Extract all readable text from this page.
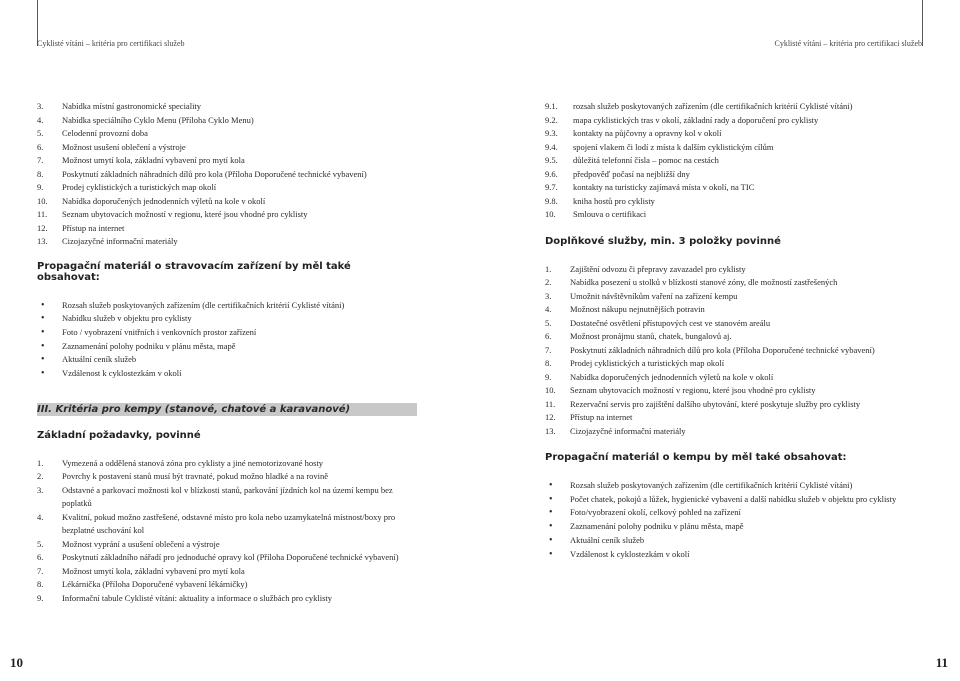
Cyklisté vítáni – kritéria pro certifikaci služeb	Cyklisté vítáni – kritéria pro certifikaci služeb
3.	Nabídka místní gastronomické speciality
4.	Nabídka speciálního Cyklo Menu (Příloha Cyklo Menu)
5.	Celodenní provozní doba
6.	Možnost usušení oblečení a výstroje
7.	Možnost umytí kola, základní vybavení pro mytí kola
8.	Poskytnutí základních náhradních dílů pro kola (Příloha Doporučené technické vybavení)
9.	Prodej cyklistických a turistických map okolí
10.	Nabídka doporučených jednodenních výletů na kole v okolí
11.	Seznam ubytovacích možností v regionu, které jsou vhodné pro cyklisty
12.	Přístup na internet
13.	Cizojazyčné informační materiály
Propagační materiál o stravovacím zařízení by měl také obsahovat:
• Rozsah služeb poskytovaných zařízením (dle certifikačních kritérií Cyklisté vítáni)
• Nabídku služeb v objektu pro cyklisty
• Foto / vyobrazení vnitřních i venkovních prostor zařízení
• Zaznamenání polohy podniku v plánu města, mapě
• Aktuální ceník služeb
• Vzdálenost k cyklostezkám v okolí
III. Kritéria pro kempy (stanové, chatové a karavanové)
Základní požadavky, povinné
1.	Vymezená a oddělená stanová zóna pro cyklisty a jiné nemotorizované hosty
2.	Povrchy k postavení stanů musí být travnaté, pokud možno hladké a na rovině
3.	Odstavné a parkovací možnosti kol v blízkosti stanů, parkování jízdních kol na území kempu bez poplatků
4.	Kvalitní, pokud možno zastřešené, odstavné místo pro kola nebo uzamykatelná místnost/boxy pro bezplatné uschování kol
5.	Možnost vyprání a usušení oblečení a výstroje
6.	Poskytnutí základního nářadí pro jednoduché opravy kol (Příloha Doporučené technické vybavení)
7.	Možnost umytí kola, základní vybavení pro mytí kola
8.	Lékárnička (Příloha Doporučené vybavení lékárničky)
9.	Informační tabule Cyklisté vítáni: aktuality a informace o službách pro cyklisty
9.1.	rozsah služeb poskytovaných zařízením (dle certifikačních kritérií Cyklisté vítáni)
9.2.	mapa cyklistických tras v okolí, základní rady a doporučení pro cyklisty
9.3.	kontakty na půjčovny a opravny kol v okolí
9.4.	spojení vlakem či lodí z místa k dalším cyklistickým cílům
9.5.	důležitá telefonní čísla – pomoc na cestách
9.6.	předpověď počasí na nejbližší dny
9.7.	kontakty na turisticky zajímavá místa v okolí, na TIC
9.8.	kniha hostů pro cyklisty
10.	Smlouva o certifikaci
Doplňkové služby, min. 3 položky povinné
1.	Zajištění odvozu či přepravy zavazadel pro cyklisty
2.	Nabídka posezení u stolků v blízkosti stanové zóny, dle možností zastřešených
3.	Umožnit návštěvníkům vaření na zařízení kempu
4.	Možnost nákupu nejnutnějších potravin
5.	Dostatečné osvětlení přístupových cest ve stanovém areálu
6.	Možnost pronájmu stanů, chatek, bungalovů aj.
7.	Poskytnutí základních náhradních dílů pro kola (Příloha Doporučené technické vybavení)
8.	Prodej cyklistických a turistických map okolí
9.	Nabídka doporučených jednodenních výletů na kole v okolí
10.	Seznam ubytovacích možností v regionu, které jsou vhodné pro cyklisty
11.	Rezervační servis pro zajištění dalšího ubytování, které poskytuje služby pro cyklisty
12.	Přístup na internet
13.	Cizojazyčné informační materiály
Propagační materiál o kempu by měl také obsahovat:
• Rozsah služeb poskytovaných zařízením (dle certifikačních kritérií Cyklisté vítáni)
• Počet chatek, pokojů a lůžek, hygienické vybavení a další nabídku služeb v objektu pro cyklisty
• Foto/vyobrazení okolí, celkový pohled na zařízení
• Zaznamenání polohy podniku v plánu města, mapě
• Aktuální ceník služeb
• Vzdálenost k cyklostezkám v okolí
10	11
